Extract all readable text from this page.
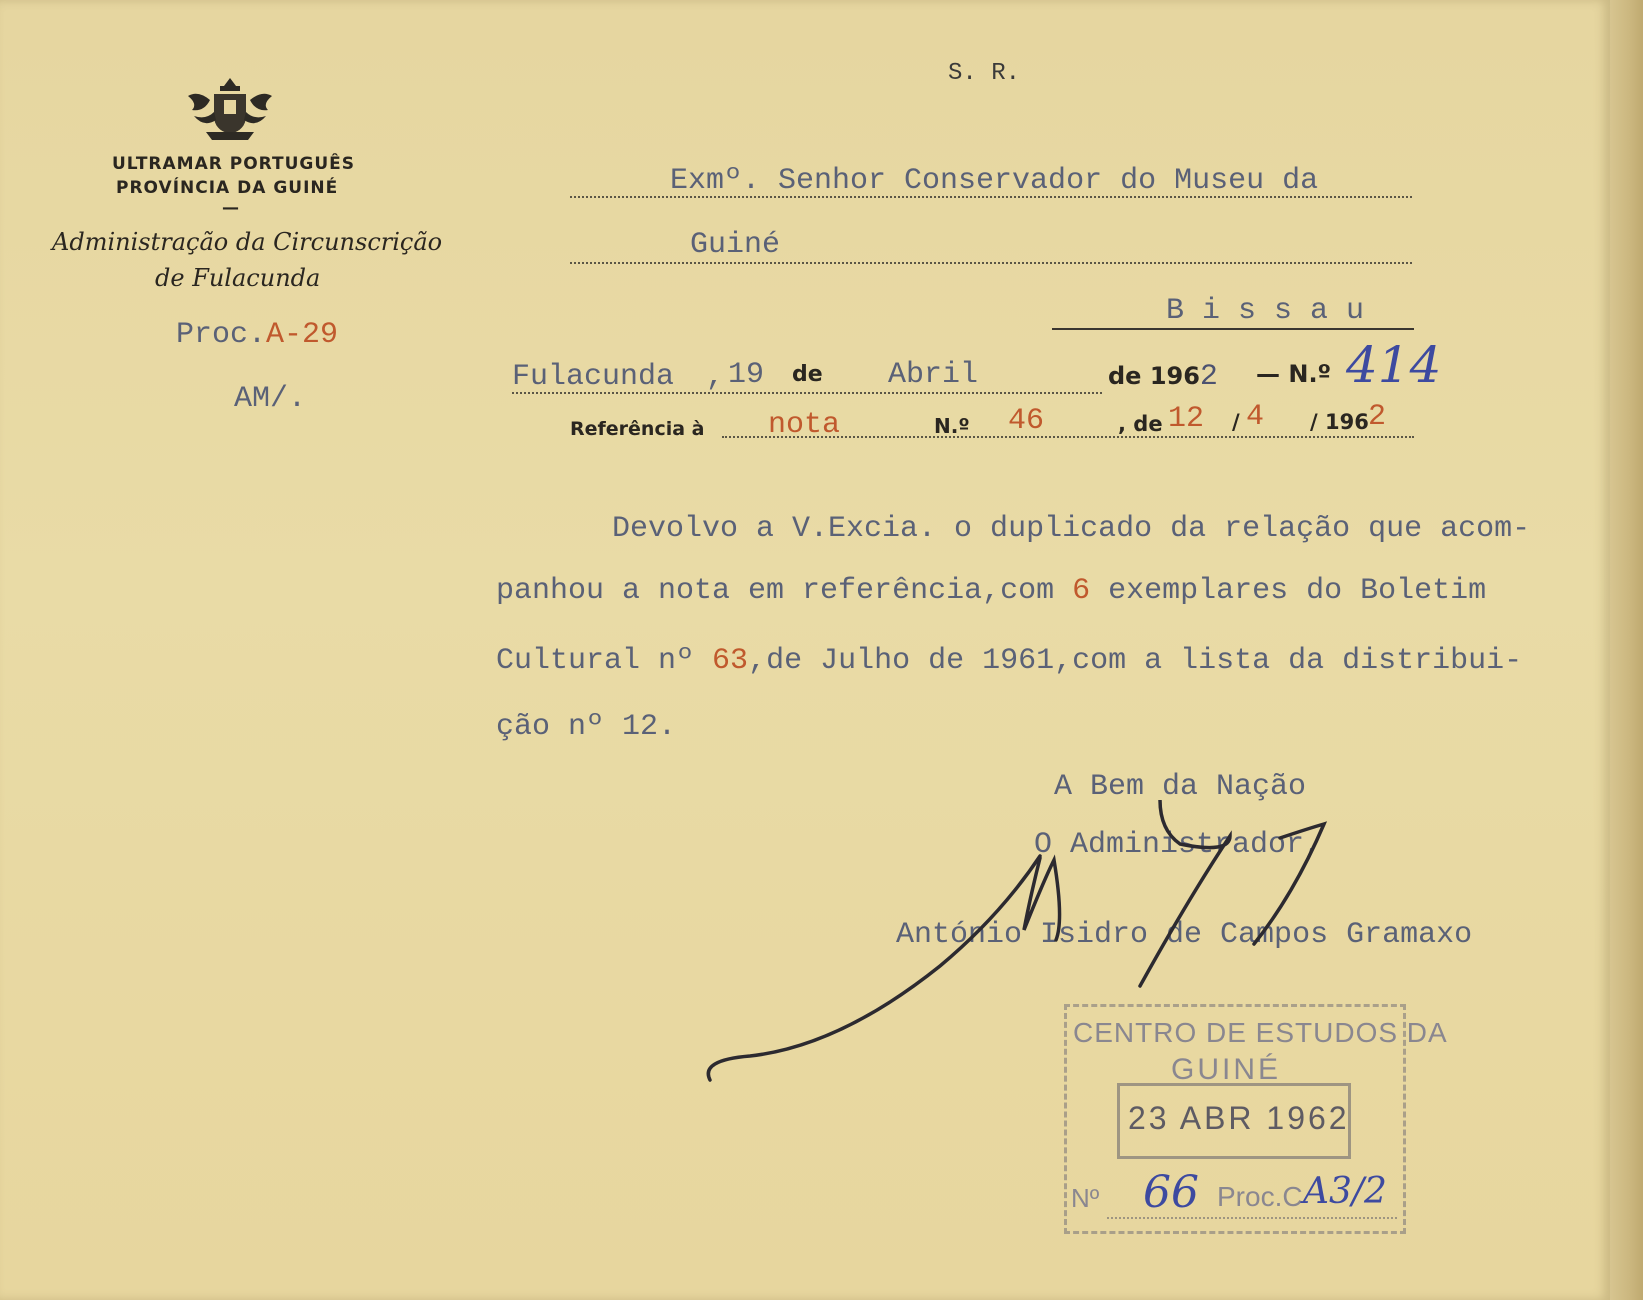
ULTRAMAR PORTUGUÊS
PROVÍNCIA DA GUINÉ
—
Administração da Circunscrição
de Fulacunda
Proc.A-29
AM/.
S. R.
Exmº. Senhor Conservador do Museu da
Guiné
B i s s a u
Fulacunda , 19 de Abril	de 1962 — N.º 414
Referência à nota	N.º 46	, de 12 / 4 / 196 2
Devolvo a V.Excia. o duplicado da relação que acom-
panhou a nota em referência,com 6 exemplares do Boletim
Cultural nº 63,de Julho de 1961,com a lista da distribui-
ção nº 12.
A Bem da Nação
O Administrador,
António Isidro de Campos Gramaxo
CENTRO DE ESTUDOS DA
GUINÉ
23 ABR 1962
Nº 66 Proc.C A3/2
